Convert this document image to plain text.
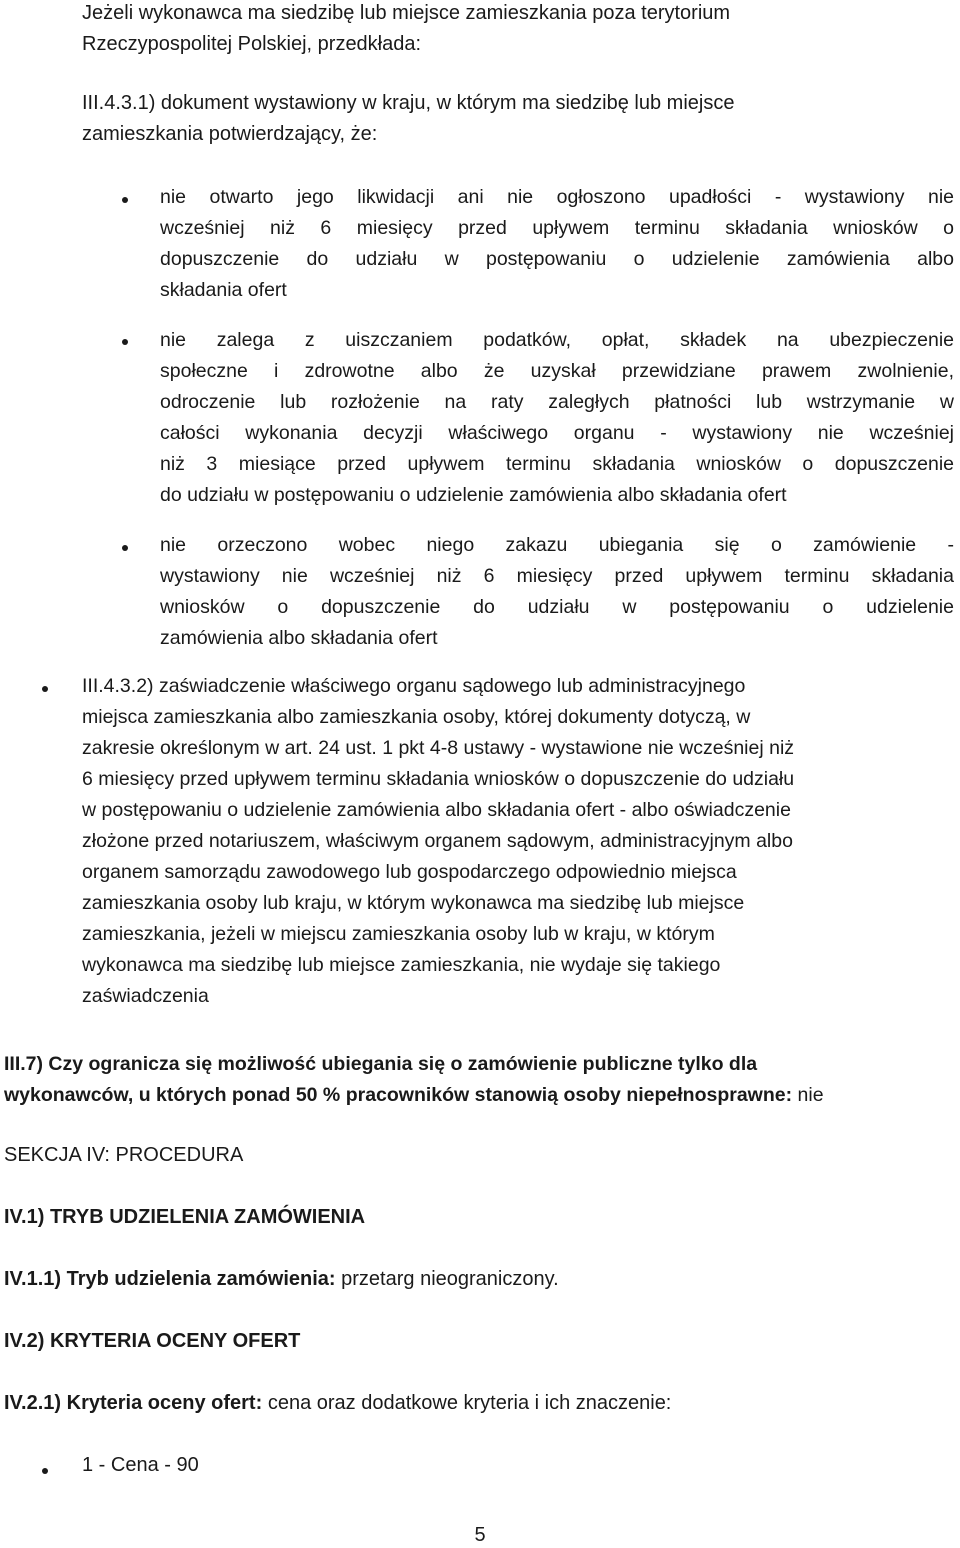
Jeżeli wykonawca ma siedzibę lub miejsce zamieszkania poza terytorium
Rzeczypospolitej Polskiej, przedkłada:
III.4.3.1) dokument wystawiony w kraju, w którym ma siedzibę lub miejsce
zamieszkania potwierdzający, że:
nie otwarto jego likwidacji ani nie ogłoszono upadłości - wystawiony nie
wcześniej niż 6 miesięcy przed upływem terminu składania wniosków o
dopuszczenie do udziału w postępowaniu o udzielenie zamówienia albo
składania ofert
nie zalega z uiszczaniem podatków, opłat, składek na ubezpieczenie
społeczne i zdrowotne albo że uzyskał przewidziane prawem zwolnienie,
odroczenie lub rozłożenie na raty zaległych płatności lub wstrzymanie w
całości wykonania decyzji właściwego organu - wystawiony nie wcześniej
niż 3 miesiące przed upływem terminu składania wniosków o dopuszczenie
do udziału w postępowaniu o udzielenie zamówienia albo składania ofert
nie orzeczono wobec niego zakazu ubiegania się o zamówienie -
wystawiony nie wcześniej niż 6 miesięcy przed upływem terminu składania
wniosków o dopuszczenie do udziału w postępowaniu o udzielenie
zamówienia albo składania ofert
III.4.3.2) zaświadczenie właściwego organu sądowego lub administracyjnego
miejsca zamieszkania albo zamieszkania osoby, której dokumenty dotyczą, w
zakresie określonym w art. 24 ust. 1 pkt 4-8 ustawy - wystawione nie wcześniej niż
6 miesięcy przed upływem terminu składania wniosków o dopuszczenie do udziału
w postępowaniu o udzielenie zamówienia albo składania ofert - albo oświadczenie
złożone przed notariuszem, właściwym organem sądowym, administracyjnym albo
organem samorządu zawodowego lub gospodarczego odpowiednio miejsca
zamieszkania osoby lub kraju, w którym wykonawca ma siedzibę lub miejsce
zamieszkania, jeżeli w miejscu zamieszkania osoby lub w kraju, w którym
wykonawca ma siedzibę lub miejsce zamieszkania, nie wydaje się takiego
zaświadczenia
III.7) Czy ogranicza się możliwość ubiegania się o zamówienie publiczne tylko dla
wykonawców, u których ponad 50 % pracowników stanowią osoby niepełnosprawne: nie
SEKCJA IV: PROCEDURA
IV.1) TRYB UDZIELENIA ZAMÓWIENIA
IV.1.1) Tryb udzielenia zamówienia: przetarg nieograniczony.
IV.2) KRYTERIA OCENY OFERT
IV.2.1) Kryteria oceny ofert: cena oraz dodatkowe kryteria i ich znaczenie:
1 - Cena - 90
5
